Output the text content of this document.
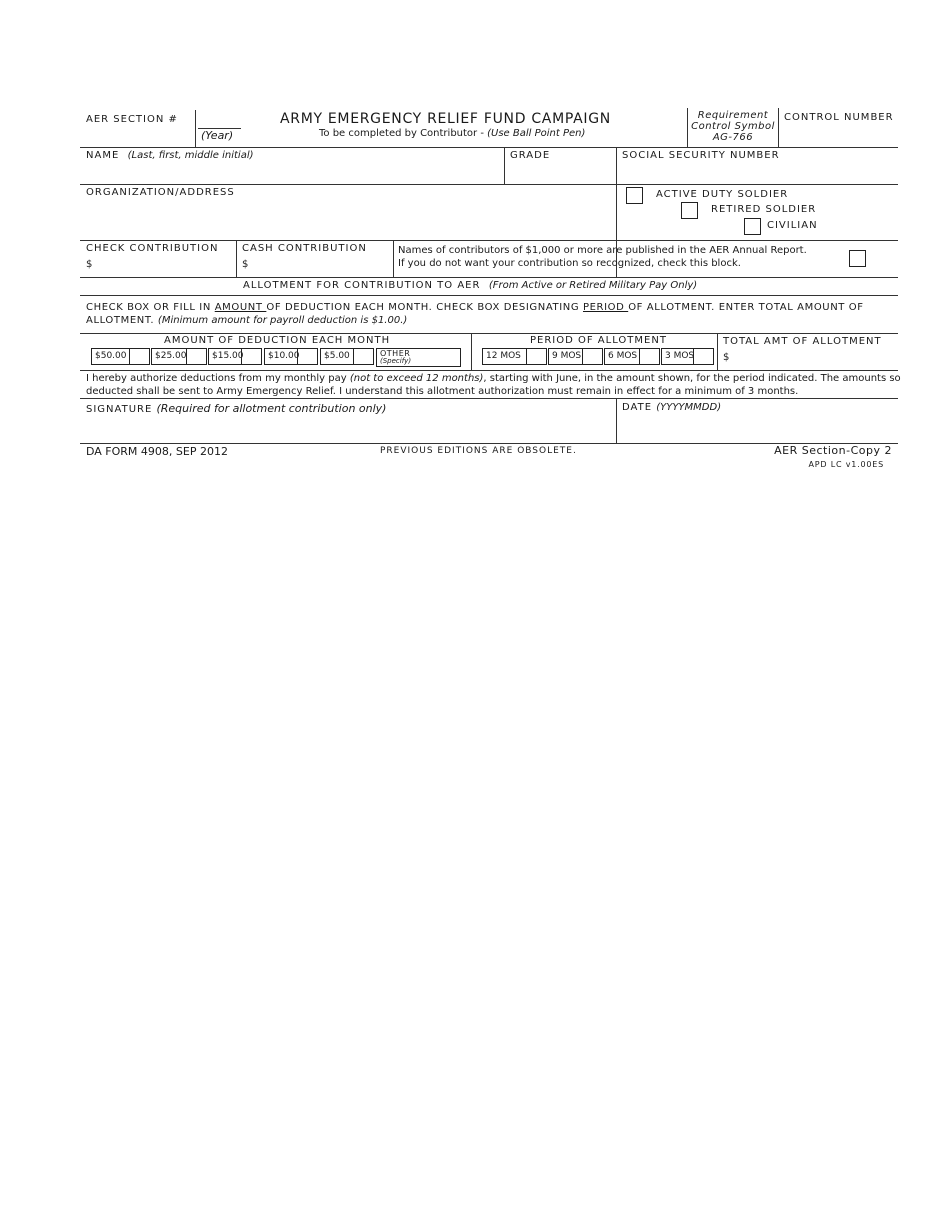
AER SECTION #
(Year)
ARMY EMERGENCY RELIEF FUND CAMPAIGN
To be completed by Contributor - (Use Ball Point Pen)
Requirement
Control Symbol
AG-766
CONTROL NUMBER
NAME (Last, first, middle initial)	GRADE	SOCIAL SECURITY NUMBER
ORGANIZATION/ADDRESS	ACTIVE DUTY SOLDIER
RETIRED SOLDIER
CIVILIAN
CHECK CONTRIBUTION
$
CASH CONTRIBUTION
$
Names of contributors of $1,000 or more are published in the AER Annual Report.
If you do not want your contribution so recognized, check this block.
ALLOTMENT FOR CONTRIBUTION TO AER (From Active or Retired Military Pay Only)
CHECK BOX OR FILL IN AMOUNT OF DEDUCTION EACH MONTH. CHECK BOX DESIGNATING PERIOD OF ALLOTMENT. ENTER TOTAL AMOUNT OF
ALLOTMENT. (Minimum amount for payroll deduction is $1.00.)
AMOUNT OF DEDUCTION EACH MONTH
$50.00	$25.00	$15.00	$10.00	$5.00	OTHER
(Specify)
PERIOD OF ALLOTMENT
12 MOS	9 MOS	6 MOS	3 MOS
TOTAL AMT OF ALLOTMENT
$
I hereby authorize deductions from my monthly pay (not to exceed 12 months), starting with June, in the amount shown, for the period indicated. The amounts so
deducted shall be sent to Army Emergency Relief. I understand this allotment authorization must remain in effect for a minimum of 3 months.
SIGNATURE (Required for allotment contribution only)	DATE (YYYYMMDD)
DA FORM 4908, SEP 2012	PREVIOUS EDITIONS ARE OBSOLETE.	AER Section-Copy 2
APD LC v1.00ES
